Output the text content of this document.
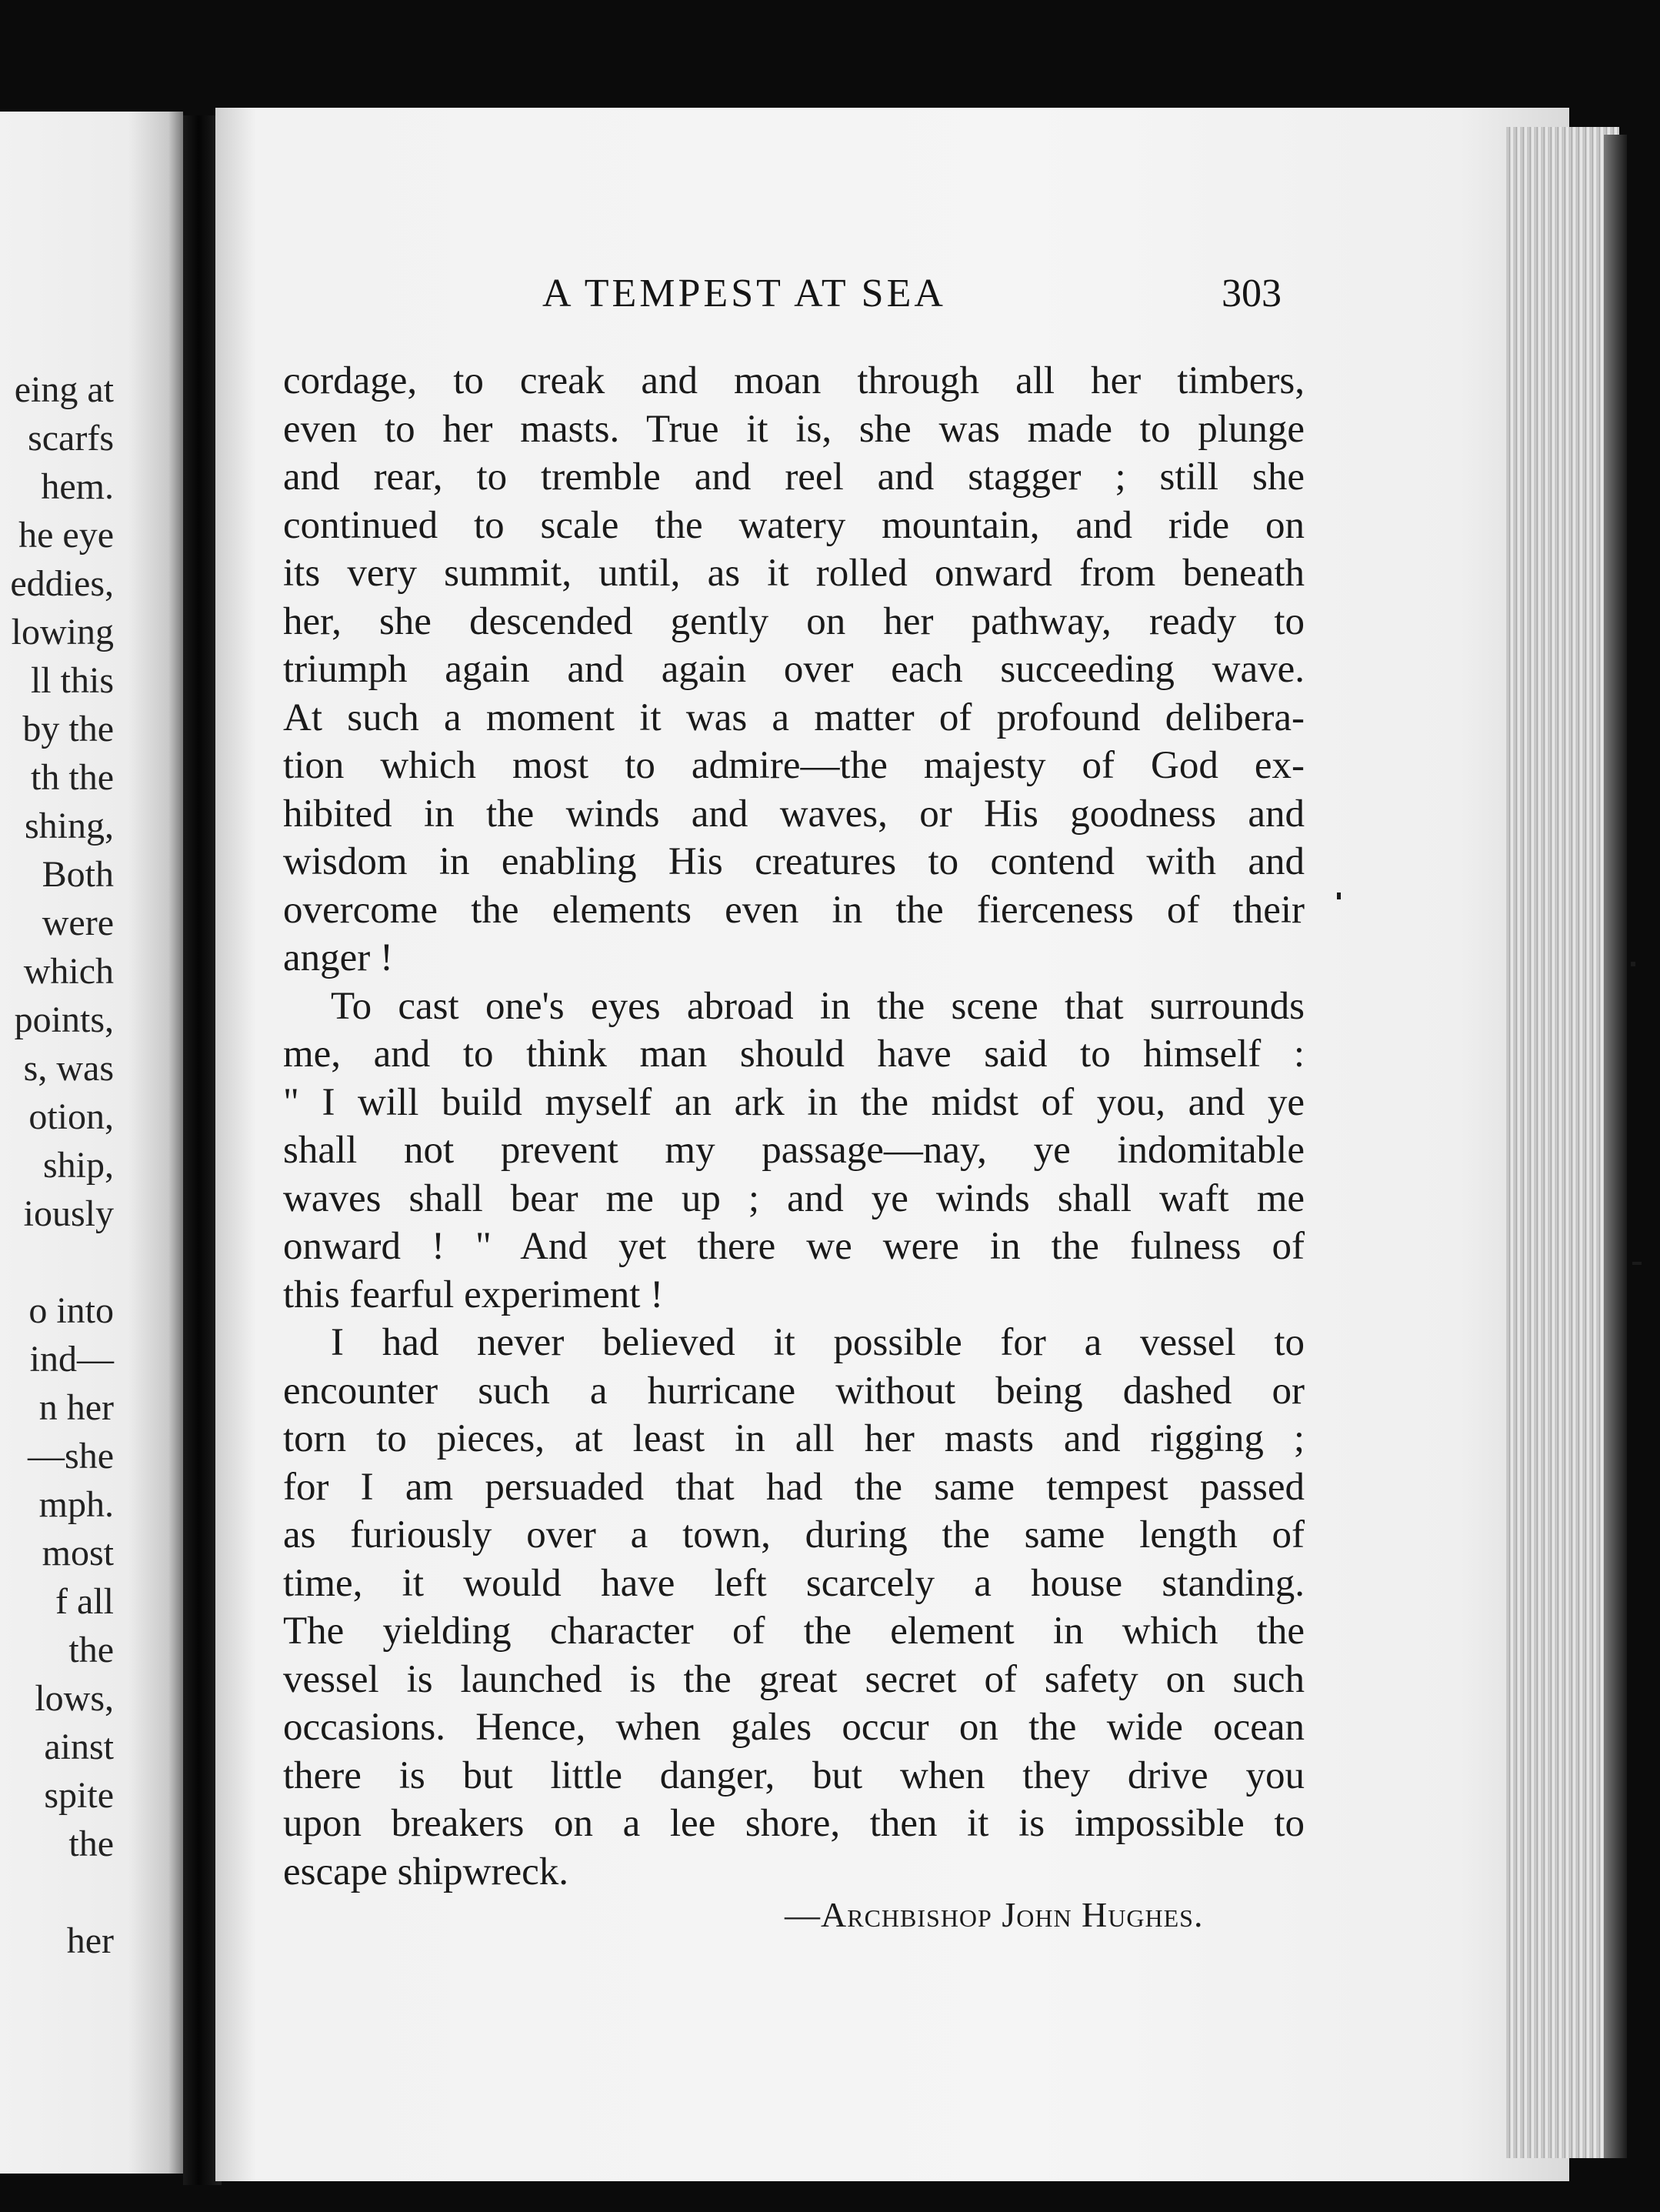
eing at
scarfs
hem.
he eye
eddies,
lowing
ll this
by the
th the
shing,
Both
were
which
points,
s, was
otion,
ship,
iously
o into
ind—
n her
—she
mph.
most
f all
the
lows,
ainst
spite
the
her
A TEMPEST AT SEA	303
cordage, to creak and moan through all her timbers,
even to her masts. True it is, she was made to plunge
and rear, to tremble and reel and stagger ; still she
continued to scale the watery mountain, and ride on
its very summit, until, as it rolled onward from beneath
her, she descended gently on her pathway, ready to
triumph again and again over each succeeding wave.
At such a moment it was a matter of profound delibera-
tion which most to admire—the majesty of God ex-
hibited in the winds and waves, or His goodness and
wisdom in enabling His creatures to contend with and
overcome the elements even in the fierceness of their
anger !
To cast one's eyes abroad in the scene that surrounds
me, and to think man should have said to himself :
" I will build myself an ark in the midst of you, and ye
shall not prevent my passage—nay, ye indomitable
waves shall bear me up ; and ye winds shall waft me
onward ! " And yet there we were in the fulness of
this fearful experiment !
I had never believed it possible for a vessel to
encounter such a hurricane without being dashed or
torn to pieces, at least in all her masts and rigging ;
for I am persuaded that had the same tempest passed
as furiously over a town, during the same length of
time, it would have left scarcely a house standing.
The yielding character of the element in which the
vessel is launched is the great secret of safety on such
occasions. Hence, when gales occur on the wide ocean
there is but little danger, but when they drive you
upon breakers on a lee shore, then it is impossible to
escape shipwreck.
—Archbishop John Hughes.
